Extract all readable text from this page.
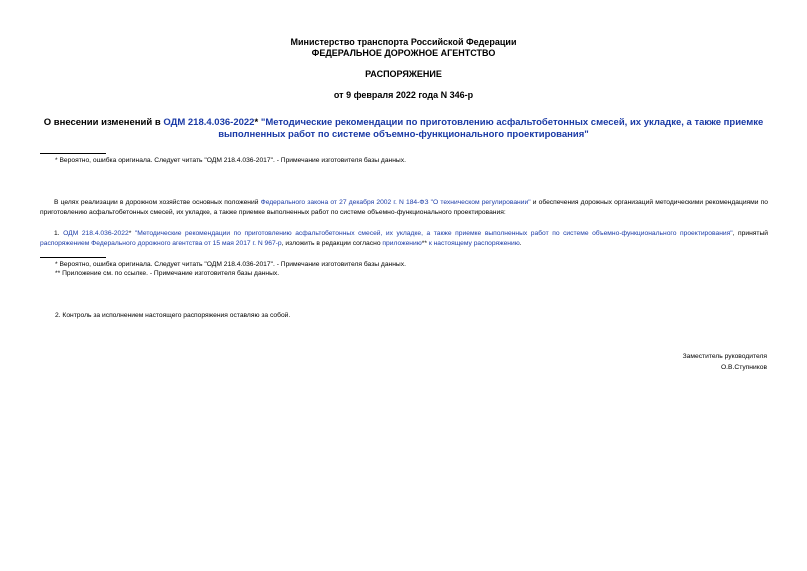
Министерство транспорта Российской Федерации
ФЕДЕРАЛЬНОЕ ДОРОЖНОЕ АГЕНТСТВО
РАСПОРЯЖЕНИЕ
от 9 февраля 2022 года N 346-р
О внесении изменений в ОДМ 218.4.036-2022* "Методические рекомендации по приготовлению асфальтобетонных смесей, их укладке, а также приемке выполненных работ по системе объемно-функционального проектирования"
* Вероятно, ошибка оригинала. Следует читать "ОДМ 218.4.036-2017". - Примечание изготовителя базы данных.
В целях реализации в дорожном хозяйстве основных положений Федерального закона от 27 декабря 2002 г. N 184-ФЗ "О техническом регулировании" и обеспечения дорожных организаций методическими рекомендациями по приготовлению асфальтобетонных смесей, их укладке, а также приемке выполненных работ по системе объемно-функционального проектирования:
1. ОДМ 218.4.036-2022* "Методические рекомендации по приготовлению асфальтобетонных смесей, их укладке, а также приемке выполненных работ по системе объемно-функционального проектирования", принятый распоряжением Федерального дорожного агентства от 15 мая 2017 г. N 967-р, изложить в редакции согласно приложению** к настоящему распоряжению.
* Вероятно, ошибка оригинала. Следует читать "ОДМ 218.4.036-2017". - Примечание изготовителя базы данных.
** Приложение см. по ссылке. - Примечание изготовителя базы данных.
2. Контроль за исполнением настоящего распоряжения оставляю за собой.
Заместитель руководителя
О.В.Ступников
